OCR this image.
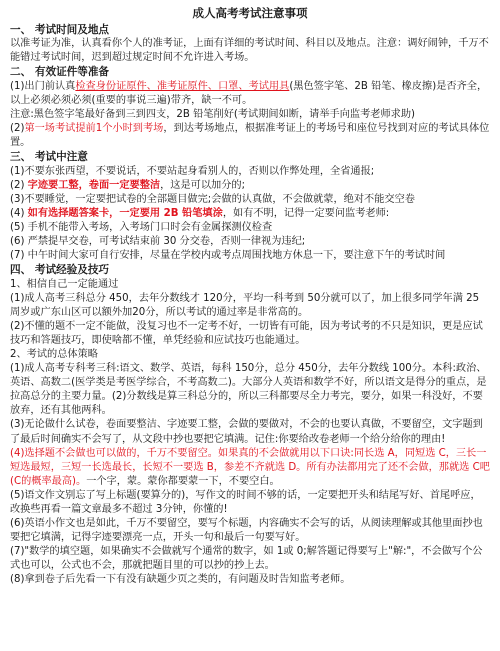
成人高考考试注意事项
一、 考试时间及地点

以准考证为准，认真看你个人的准考证，上面有详细的考试时间、科目以及地点。注意：调好闹钟，千万不能错过考试时间，迟到超过规定时间不允许进入考场。

二、 有效证件等准备

(1)出门前认真检查身份证原件、准考证原件、口罩、考试用具(黑色签字笔、2B 铅笔、橡皮擦)是否齐全，以上必须必须必须(重要的事说三遍)带齐，缺一不可。

注意:黑色签字笔最好备到三到四支，2B 铅笔削好(考试期间如断，请举手向监考老师求助)

(2)第一场考试提前1个小时到考场，到达考场地点，根据准考证上的考场号和座位号找到对应的考试具体位置。

三、 考试中注意

(1)不要东张西望，不要说话，不要站起身看别人的，否则以作弊处理，全省通报;

(2) 字迹要工整，卷面一定要整洁，这是可以加分的;

(3)不要睡觉，一定要把试卷的全部题目做完;会做的认真做，不会做就蒙，绝对不能交空卷

(4) 如有选择题答案卡，一定要用 2B 铅笔填涂，如有不明，记得一定要问监考老师:

(5) 手机不能带入考场，入考场门口时会有金属探测仪检查

(6) 严禁提早交卷，可考试结束前 30 分交卷，否则一律视为违纪;

(7) 中午时间大家可自行安排，尽量在学校内或考点周围找地方休息一下，要注意下午的考试时间

四、 考试经验及技巧

1、相信自己一定能通过

(1)成人高考三科总分 450，去年分数线才 120分，平均一科考到 50分就可以了，加上很多同学年满 25 周岁或广东山区可以额外加20分，所以考试的通过率是非常高的。

(2)不懂的题不一定不能做，没复习也不一定考不好，一切皆有可能，因为考试考的不只是知识，更是应试技巧和答题技巧，即使啥都不懂，单凭经验和应试技巧也能通过。

2、考试的总体策略

(1)成人高考专科考三科:语文、数学、英语，每科 150分，总分 450分，去年分数线 100分。本科:政治、英语、高数二(医学类是考医学综合，不考高数二)。大部分人英语和数学不好，所以语文是得分的重点，是拉高总分的主要力量。(2)分数线是算三科总分的，所以三科都要尽全力考完，要分，如果一科没好，不要放弃，还有其他两科。

(3)无论做什么试卷，卷面要整洁、字迹要工整，会做的要做对，不会的也要认真做，不要留空，文字题到了最后时间确实不会写了，从文段中抄也要把它填满。记住:你要给改卷老师一个给分给你的理由!

(4)选择题不会做也可以做的，千万不要留空。如果真的不会做就用以下口诀:同长选 A，同短选 C，三长一短选最短，三短一长选最长，长短不一要选 B，参差不齐就选 D。所有办法都用完了还不会做，那就选 C吧(C的概率最高)。一个字，蒙。蒙你都要蒙一下，不要空白。

(5)语文作文别忘了写上标题(要算分的)，写作文的时间不够的话，一定要把开头和结尾写好、首尾呼应，改换些再看一篇文章最多不超过 3分钟，你懂的!

(6)英语小作文也是如此，千万不要留空，要写个标题，内容确实不会写的话，从阅读理解或其他里面抄也要把它填满，记得字迹要漂亮一点，开头一句和最后一句要写好。

(7)"数学的填空题，如果确实不会做就写个通常的数字，如 1或 0;解答题记得要写上"解:"，不会做写个公式也可以，公式也不会，那就把题目里的可以抄的抄上去。

(8)拿到卷子后先看一下有没有缺题少页之类的，有问题及时告知监考老师。
